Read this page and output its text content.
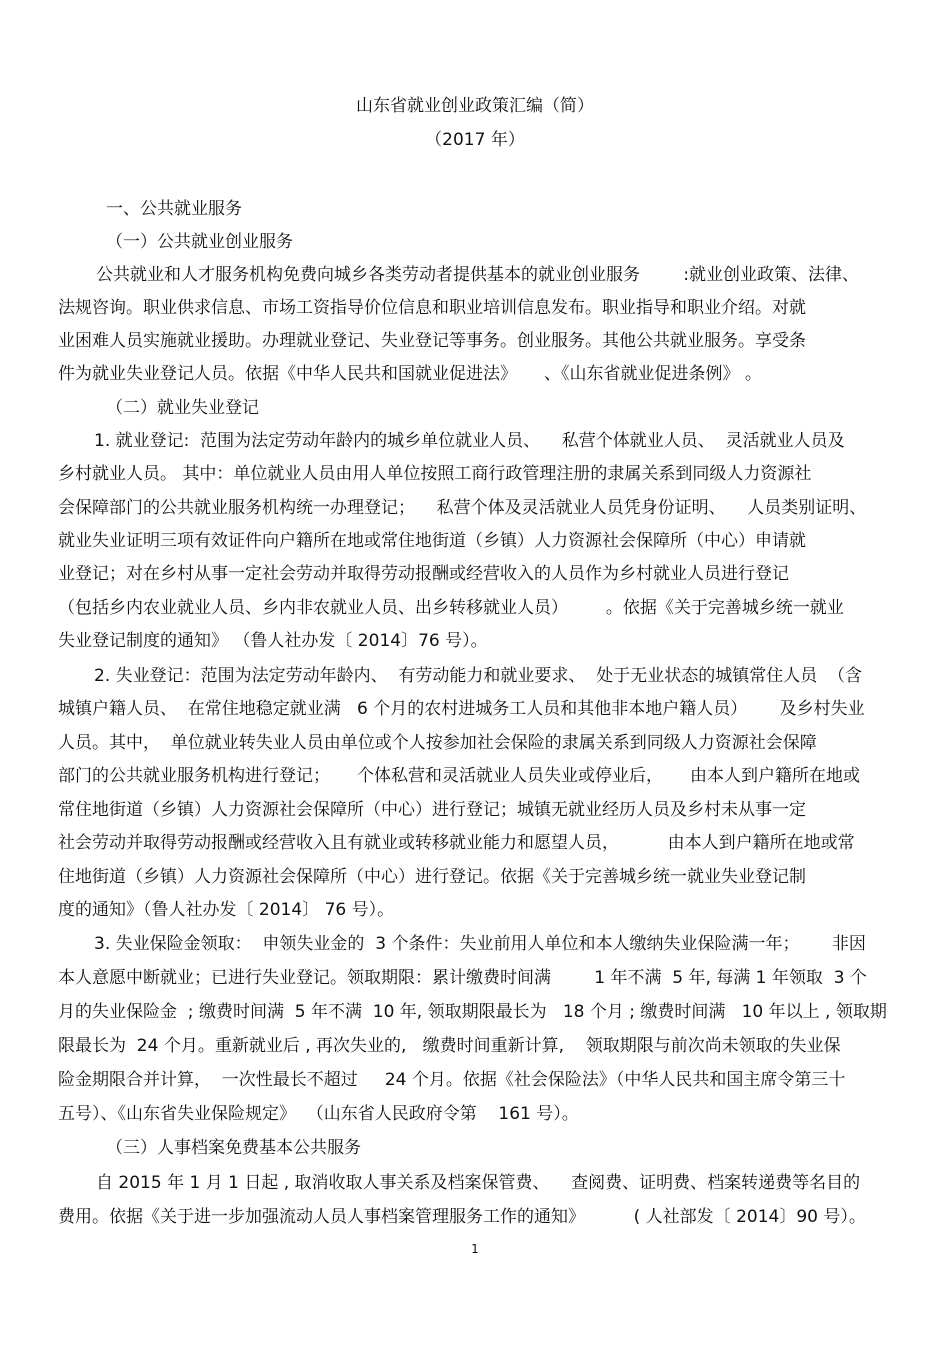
山东省就业创业政策汇编（简）
（2017 年）
一、公共就业服务
（一）公共就业创业服务
公共就业和人才服务机构免费向城乡各类劳动者提供基本的就业创业服务        :就业创业政策、法律、
法规咨询。职业供求信息、市场工资指导价位信息和职业培训信息发布。职业指导和职业介绍。对就
业困难人员实施就业援助。办理就业登记、失业登记等事务。创业服务。其他公共就业服务。享受条
件为就业失业登记人员。依据《中华人民共和国就业促进法》     、《山东省就业促进条例》 。
（二）就业失业登记
1. 就业登记:  范围为法定劳动年龄内的城乡单位就业人员、    私营个体就业人员、  灵活就业人员及
乡村就业人员。 其中：单位就业人员由用人单位按照工商行政管理注册的隶属关系到同级人力资源社
会保障部门的公共就业服务机构统一办理登记；    私营个体及灵活就业人员凭身份证明、    人员类别证明、
就业失业证明三项有效证件向户籍所在地或常住地街道（乡镇）人力资源社会保障所（中心）申请就
业登记；对在乡村从事一定社会劳动并取得劳动报酬或经营收入的人员作为乡村就业人员进行登记
（包括乡内农业就业人员、乡内非农就业人员、出乡转移就业人员）       。依据《关于完善城乡统一就业
失业登记制度的通知》 （鲁人社办发〔 2014〕76 号）。
2. 失业登记：范围为法定劳动年龄内、  有劳动能力和就业要求、  处于无业状态的城镇常住人员  （含
城镇户籍人员、  在常住地稳定就业满   6 个月的农村进城务工人员和其他非本地户籍人员）      及乡村失业
人员。其中，  单位就业转失业人员由单位或个人按参加社会保险的隶属关系到同级人力资源社会保障
部门的公共就业服务机构进行登记；     个体私营和灵活就业人员失业或停业后，     由本人到户籍所在地或
常住地街道（乡镇）人力资源社会保障所（中心）进行登记；城镇无就业经历人员及乡村未从事一定
社会劳动并取得劳动报酬或经营收入且有就业或转移就业能力和愿望人员，         由本人到户籍所在地或常
住地街道（乡镇）人力资源社会保障所（中心）进行登记。依据《关于完善城乡统一就业失业登记制
度的通知》（鲁人社办发〔 2014〕 76 号）。
3. 失业保险金领取：  申领失业金的  3 个条件：失业前用人单位和本人缴纳失业保险满一年；      非因
本人意愿中断就业；已进行失业登记。领取期限：累计缴费时间满        1 年不满  5 年, 每满 1 年领取  3 个
月的失业保险金  ; 缴费时间满  5 年不满  10 年, 领取期限最长为   18 个月 ; 缴费时间满   10 年以上 , 领取期
限最长为  24 个月。重新就业后 , 再次失业的,   缴费时间重新计算,    领取期限与前次尚未领取的失业保
险金期限合并计算，  一次性最长不超过     24 个月。依据《社会保险法》（中华人民共和国主席令第三十
五号）、《山东省失业保险规定》  （山东省人民政府令第    161 号）。
（三）人事档案免费基本公共服务
自 2015 年 1 月 1 日起 , 取消收取人事关系及档案保管费、    查阅费、证明费、档案转递费等名目的
费用。依据《关于进一步加强流动人员人事档案管理服务工作的通知》         ( 人社部发〔 2014〕90 号）。
1
